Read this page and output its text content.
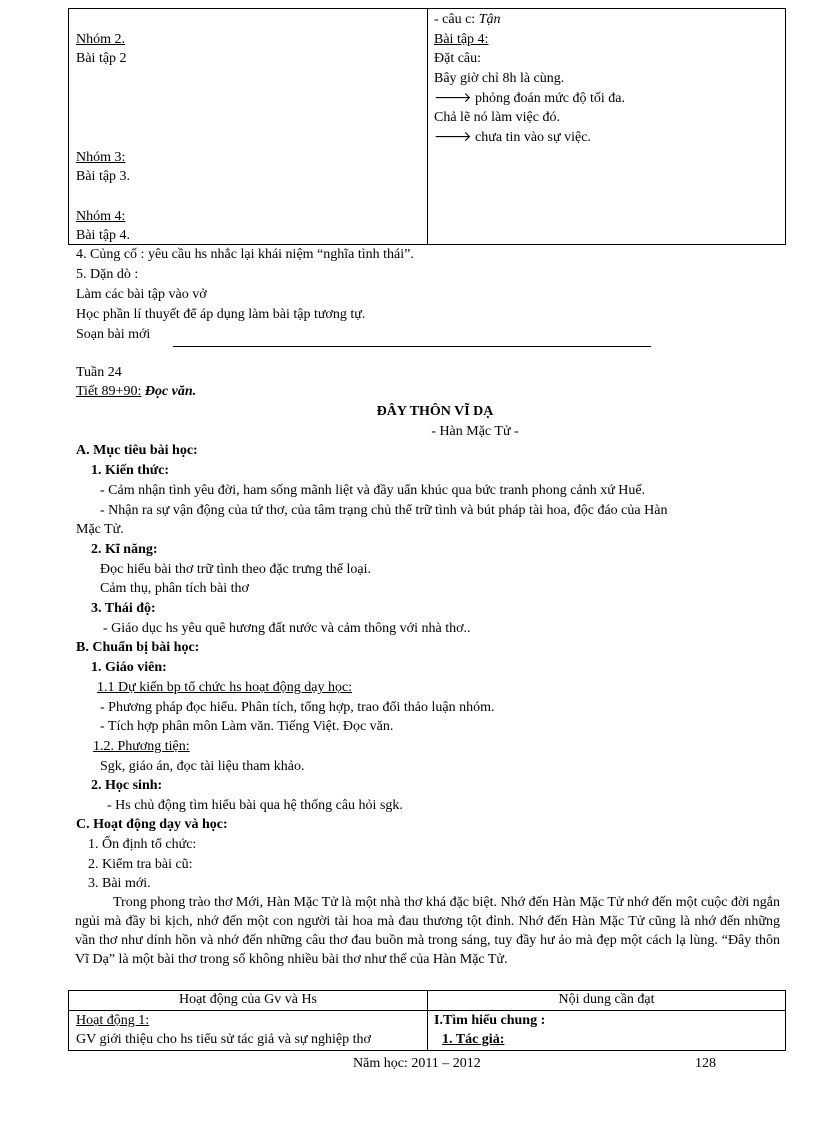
Nhóm 2.
Bài tập 2
Nhóm 3:
Bài tập 3.
Nhóm 4:
Bài tập 4.
- câu c: Tận
Bài tập 4:
Đặt câu:
Bây giờ chỉ 8h là cùng.
🡒 phỏng đoán mức độ tối đa.
Chả lẽ nó làm việc đó.
🡒 chưa tin vào sự việc.
4. Củng cố : yêu cầu hs nhắc lại khái niệm “nghĩa tình thái”.
5. Dặn dò :
Làm các bài tập vào vở
Học phần lí thuyết để áp dụng làm bài tập tương tự.
Soạn bài mới
Tuần 24
Tiết 89+90: Đọc văn.
ĐÂY THÔN VĨ DẠ
- Hàn Mặc Tử -
A. Mục tiêu bài học:
1. Kiến thức:
- Cảm nhận tình yêu đời, ham sống mãnh liệt và đầy uẩn khúc qua bức tranh phong cảnh xứ Huế.
- Nhận ra sự vận động của tứ thơ, của tâm trạng chủ thể trữ tình và bút pháp tài hoa, độc đáo của Hàn
Mặc Tử.
2. Kĩ năng:
Đọc hiểu bài thơ trữ tình theo đặc trưng thể loại.
Cảm thụ, phân tích bài thơ
3. Thái độ:
- Giáo dục hs yêu quê hương đất nước và cảm thông với nhà thơ..
B. Chuẩn bị bài học:
1. Giáo viên:
1.1 Dự kiến bp tổ chức hs hoạt động dạy học:
- Phương pháp đọc hiểu. Phân tích, tổng hợp, trao đổi thảo luận nhóm.
- Tích hợp phân môn Làm văn. Tiếng Việt. Đọc văn.
1.2. Phương tiện:
Sgk, giáo án, đọc tài liệu tham khảo.
2. Học sinh:
- Hs chủ động tìm hiểu bài qua hệ thống câu hỏi sgk.
C. Hoạt động dạy và học:
1. Ổn định tổ chức:
2. Kiểm tra bài cũ:
3. Bài mới.
Trong phong trào thơ Mới, Hàn Mặc Tử là một nhà thơ khá đặc biệt. Nhớ đến Hàn Mặc Tử nhớ đến một cuộc đời ngắn ngủi mà đầy bi kịch, nhớ đến một con người tài hoa mà đau thương tột đỉnh. Nhớ đến Hàn Mặc Tử cũng là nhớ đến những vần thơ như dính hồn và nhớ đến những câu thơ đau buồn mà trong sáng, tuy đầy hư ảo mà đẹp một cách lạ lùng. “Đây thôn Vĩ Dạ” là một bài thơ trong số không nhiều bài thơ như thế của Hàn Mặc Tử.
Hoạt động của Gv và Hs	Nội dung cần đạt
Hoạt động 1:
GV giới thiệu cho hs tiểu sử tác giả và sự nghiệp thơ
I.Tìm hiểu chung :
1. Tác giả:
Năm học: 2011 – 2012	128
